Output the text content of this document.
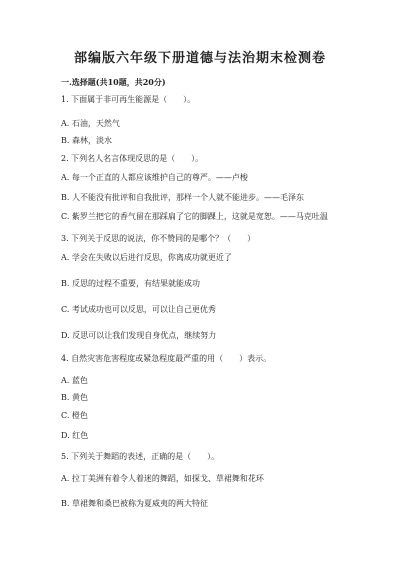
部编版六年级下册道德与法治期末检测卷
一.选择题(共10题，共20分)
1. 下面属于非可再生能源是（　　）。
A. 石油，天然气
B. 森林，淡水
2. 下列名人名言体现反思的是（　　）。
A. 每一个正直的人都应该维护自己的尊严。——卢梭
B. 人不能没有批评和自我批评，那样一个人就不能进步。——毛泽东
C. 紫罗兰把它的香气留在那踩扁了它的脚踝上，这就是宽恕。——马克吐温
3. 下列关于反思的说法，你不赞同的是哪个？（　　）
A. 学会在失败以后进行反思，你离成功就更近了
B. 反思的过程不重要，有结果就能成功
C. 考试成功也可以反思，可以让自己更优秀
D. 反思可以让我们发现自身优点，继续努力
4. 自然灾害危害程度或紧急程度最严重的用（　　）表示。
A. 蓝色
B. 黄色
C. 橙色
D. 红色
5. 下列关于舞蹈的表述，正确的是（　　）。
A. 拉丁美洲有着令人着迷的舞蹈，如探戈、草裙舞和花环
B. 草裙舞和桑巴被称为夏威夷的两大特征
